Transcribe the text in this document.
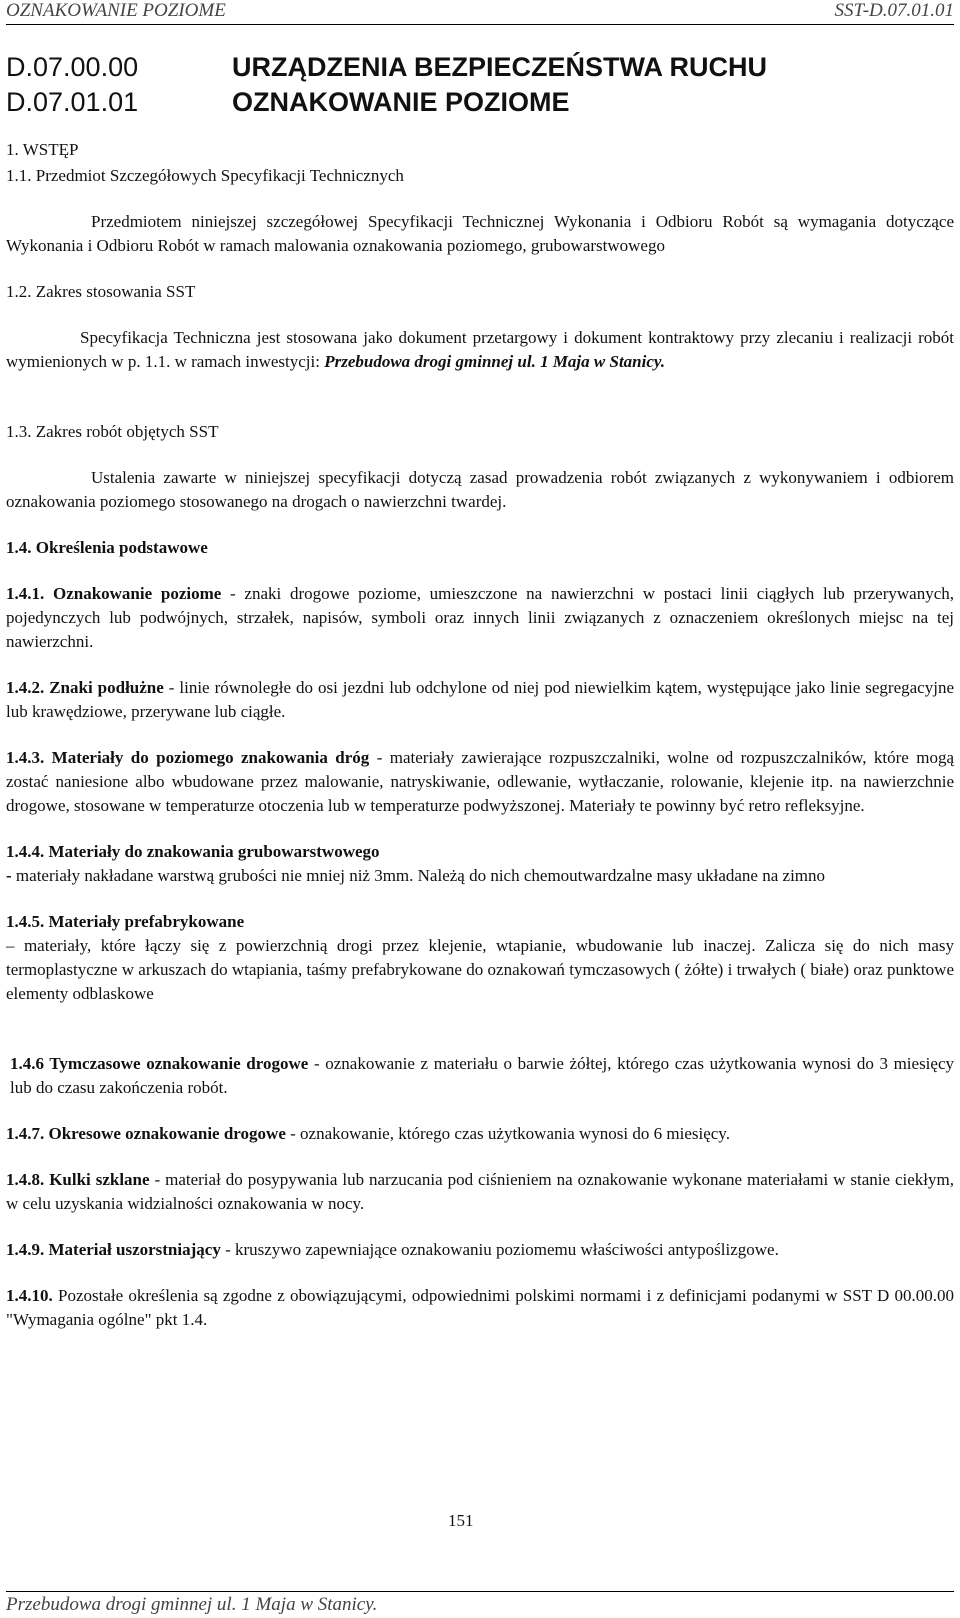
OZNAKOWANIE POZIOME	SST-D.07.01.01
D.07.00.00	URZĄDZENIA BEZPIECZEŃSTWA RUCHU
D.07.01.01	OZNAKOWANIE POZIOME

1. WSTĘP

1.1. Przedmiot Szczegółowych Specyfikacji Technicznych

Przedmiotem niniejszej szczegółowej Specyfikacji Technicznej Wykonania i Odbioru Robót są wymagania dotyczące Wykonania i Odbioru Robót w ramach malowania oznakowania poziomego, grubowarstwowego

1.2. Zakres stosowania SST

Specyfikacja Techniczna jest stosowana jako dokument przetargowy i dokument kontraktowy przy zlecaniu i realizacji robót wymienionych w p. 1.1. w ramach inwestycji: Przebudowa drogi gminnej ul. 1 Maja w Stanicy.

1.3. Zakres robót objętych SST

Ustalenia zawarte w niniejszej specyfikacji dotyczą zasad prowadzenia robót związanych z wykonywaniem i odbiorem oznakowania poziomego stosowanego na drogach o nawierzchni twardej.

1.4. Określenia podstawowe

1.4.1. Oznakowanie poziome - znaki drogowe poziome, umieszczone na nawierzchni w postaci linii ciągłych lub przerywanych, pojedynczych lub podwójnych, strzałek, napisów, symboli oraz innych linii związanych z oznaczeniem określonych miejsc na tej nawierzchni.

1.4.2. Znaki podłużne - linie równoległe do osi jezdni lub odchylone od niej pod niewielkim kątem, występujące jako linie segregacyjne lub krawędziowe, przerywane lub ciągłe.

1.4.3. Materiały do poziomego znakowania dróg - materiały zawierające rozpuszczalniki, wolne od rozpuszczalników, które mogą zostać naniesione albo wbudowane przez malowanie, natryskiwanie, odlewanie, wytłaczanie, rolowanie, klejenie itp. na nawierzchnie drogowe, stosowane w temperaturze otoczenia lub w temperaturze podwyższonej. Materiały te powinny być retro refleksyjne.

1.4.4. Materiały do znakowania grubowarstwowego
- materiały nakładane warstwą grubości nie mniej niż 3mm. Należą do nich chemoutwardzalne masy układane na zimno

1.4.5. Materiały prefabrykowane
– materiały, które łączy się z powierzchnią drogi przez klejenie, wtapianie, wbudowanie lub inaczej. Zalicza się do nich masy termoplastyczne w arkuszach do wtapiania, taśmy prefabrykowane do oznakowań tymczasowych ( żółte) i trwałych ( białe) oraz punktowe elementy odblaskowe

1.4.6 Tymczasowe oznakowanie drogowe - oznakowanie z materiału o barwie żółtej, którego czas użytkowania wynosi do 3 miesięcy lub do czasu zakończenia robót.

1.4.7. Okresowe oznakowanie drogowe - oznakowanie, którego czas użytkowania wynosi do 6 miesięcy.

1.4.8. Kulki szklane - materiał do posypywania lub narzucania pod ciśnieniem na oznakowanie wykonane materiałami w stanie ciekłym, w celu uzyskania widzialności oznakowania w nocy.

1.4.9. Materiał uszorstniający - kruszywo zapewniające oznakowaniu poziomemu właściwości antypoślizgowe.

1.4.10. Pozostałe określenia są zgodne z obowiązującymi, odpowiednimi polskimi normami i z definicjami podanymi w SST D 00.00.00 "Wymagania ogólne" pkt 1.4.

151
Przebudowa drogi gminnej ul. 1 Maja w Stanicy.
